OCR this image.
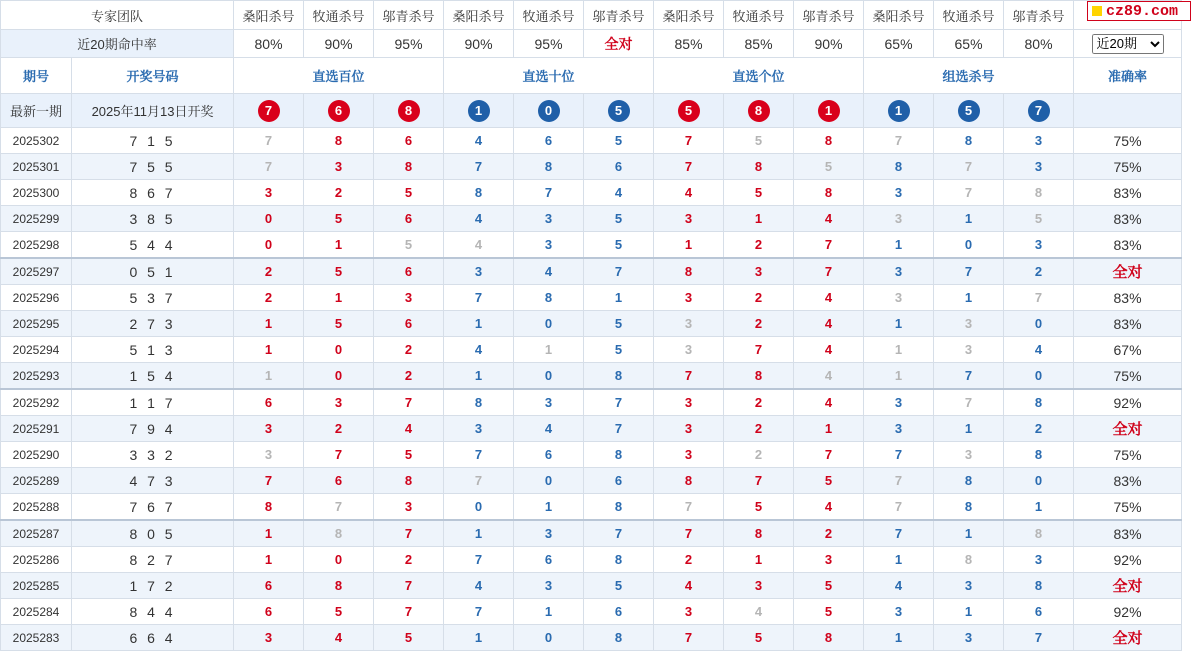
专家团队		桑阳杀号	牧通杀号	邬青杀号	桑阳杀号	牧通杀号	邬青杀号	桑阳杀号	牧通杀号	邬青杀号	桑阳杀号	牧通杀号	邬青杀号	
近20期命中率		80%	90%	95%	90%	95%	全对	85%	85%	90%	65%	65%	80%	
近20期
期号	开奖号码	直选百位			直选十位			直选个位			组选杀号			准确率
最新一期	2025年11月13日开奖	7	6	8	1	0	5	5	8	1	1	5	7	
2025302	7 1 5	7	8	6	4	6	5	7	5	8	7	8	3	75%
2025301	7 5 5	7	3	8	7	8	6	7	8	5	8	7	3	75%
2025300	8 6 7	3	2	5	8	7	4	4	5	8	3	7	8	83%
2025299	3 8 5	0	5	6	4	3	5	3	1	4	3	1	5	83%
2025298	5 4 4	0	1	5	4	3	5	1	2	7	1	0	3	83%
2025297	0 5 1	2	5	6	3	4	7	8	3	7	3	7	2	全对
2025296	5 3 7	2	1	3	7	8	1	3	2	4	3	1	7	83%
2025295	2 7 3	1	5	6	1	0	5	3	2	4	1	3	0	83%
2025294	5 1 3	1	0	2	4	1	5	3	7	4	1	3	4	67%
2025293	1 5 4	1	0	2	1	0	8	7	8	4	1	7	0	75%
2025292	1 1 7	6	3	7	8	3	7	3	2	4	3	7	8	92%
2025291	7 9 4	3	2	4	3	4	7	3	2	1	3	1	2	全对
2025290	3 3 2	3	7	5	7	6	8	3	2	7	7	3	8	75%
2025289	4 7 3	7	6	8	7	0	6	8	7	5	7	8	0	83%
2025288	7 6 7	8	7	3	0	1	8	7	5	4	7	8	1	75%
2025287	8 0 5	1	8	7	1	3	7	7	8	2	7	1	8	83%
2025286	8 2 7	1	0	2	7	6	8	2	1	3	1	8	3	92%
2025285	1 7 2	6	8	7	4	3	5	4	3	5	4	3	8	全对
2025284	8 4 4	6	5	7	7	1	6	3	4	5	3	1	6	92%
2025283	6 6 4	3	4	5	1	0	8	7	5	8	1	3	7	全对
cz89.com
